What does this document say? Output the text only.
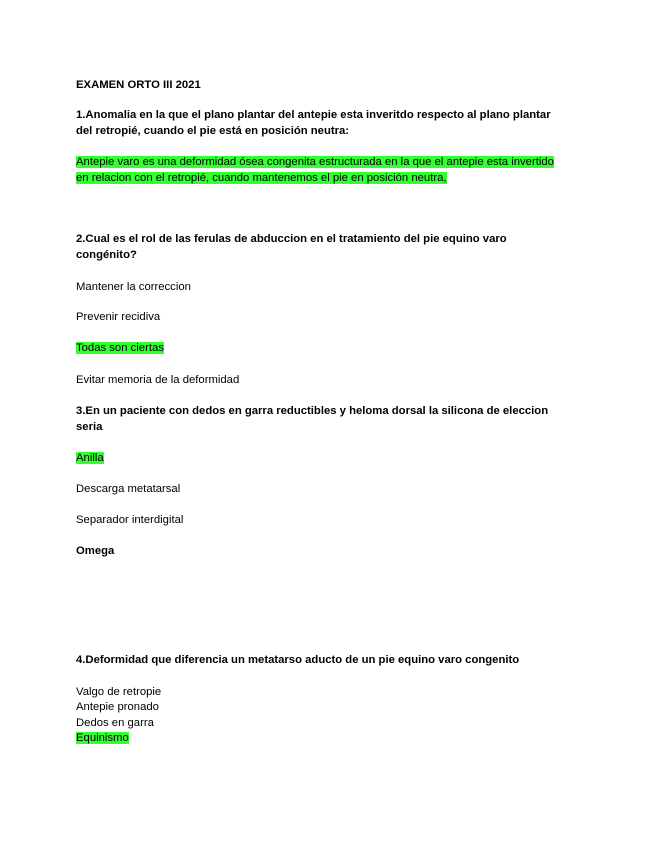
EXAMEN ORTO III 2021
1.Anomalia en la que el plano plantar del antepie esta inveritdo respecto al plano plantar
del retropié, cuando el pie está en posición neutra:
Antepie varo es una deformidad ósea congenita estructurada en la que el antepie esta invertido
en relacion con el retropié, cuando mantenemos el pie en posición neutra,
2.Cual es el rol de las ferulas de abduccion en el tratamiento del pie equino varo
congénito?
Mantener la correccion
Prevenir recidiva
Todas son ciertas
Evitar memoria de la deformidad
3.En un paciente con dedos en garra reductibles y heloma dorsal la silicona de eleccion
seria
Anilla
Descarga metatarsal
Separador interdigital
Omega
4.Deformidad que diferencia un metatarso aducto de un pie equino varo congenito
Valgo de retropie
Antepie pronado
Dedos en garra
Equinismo
